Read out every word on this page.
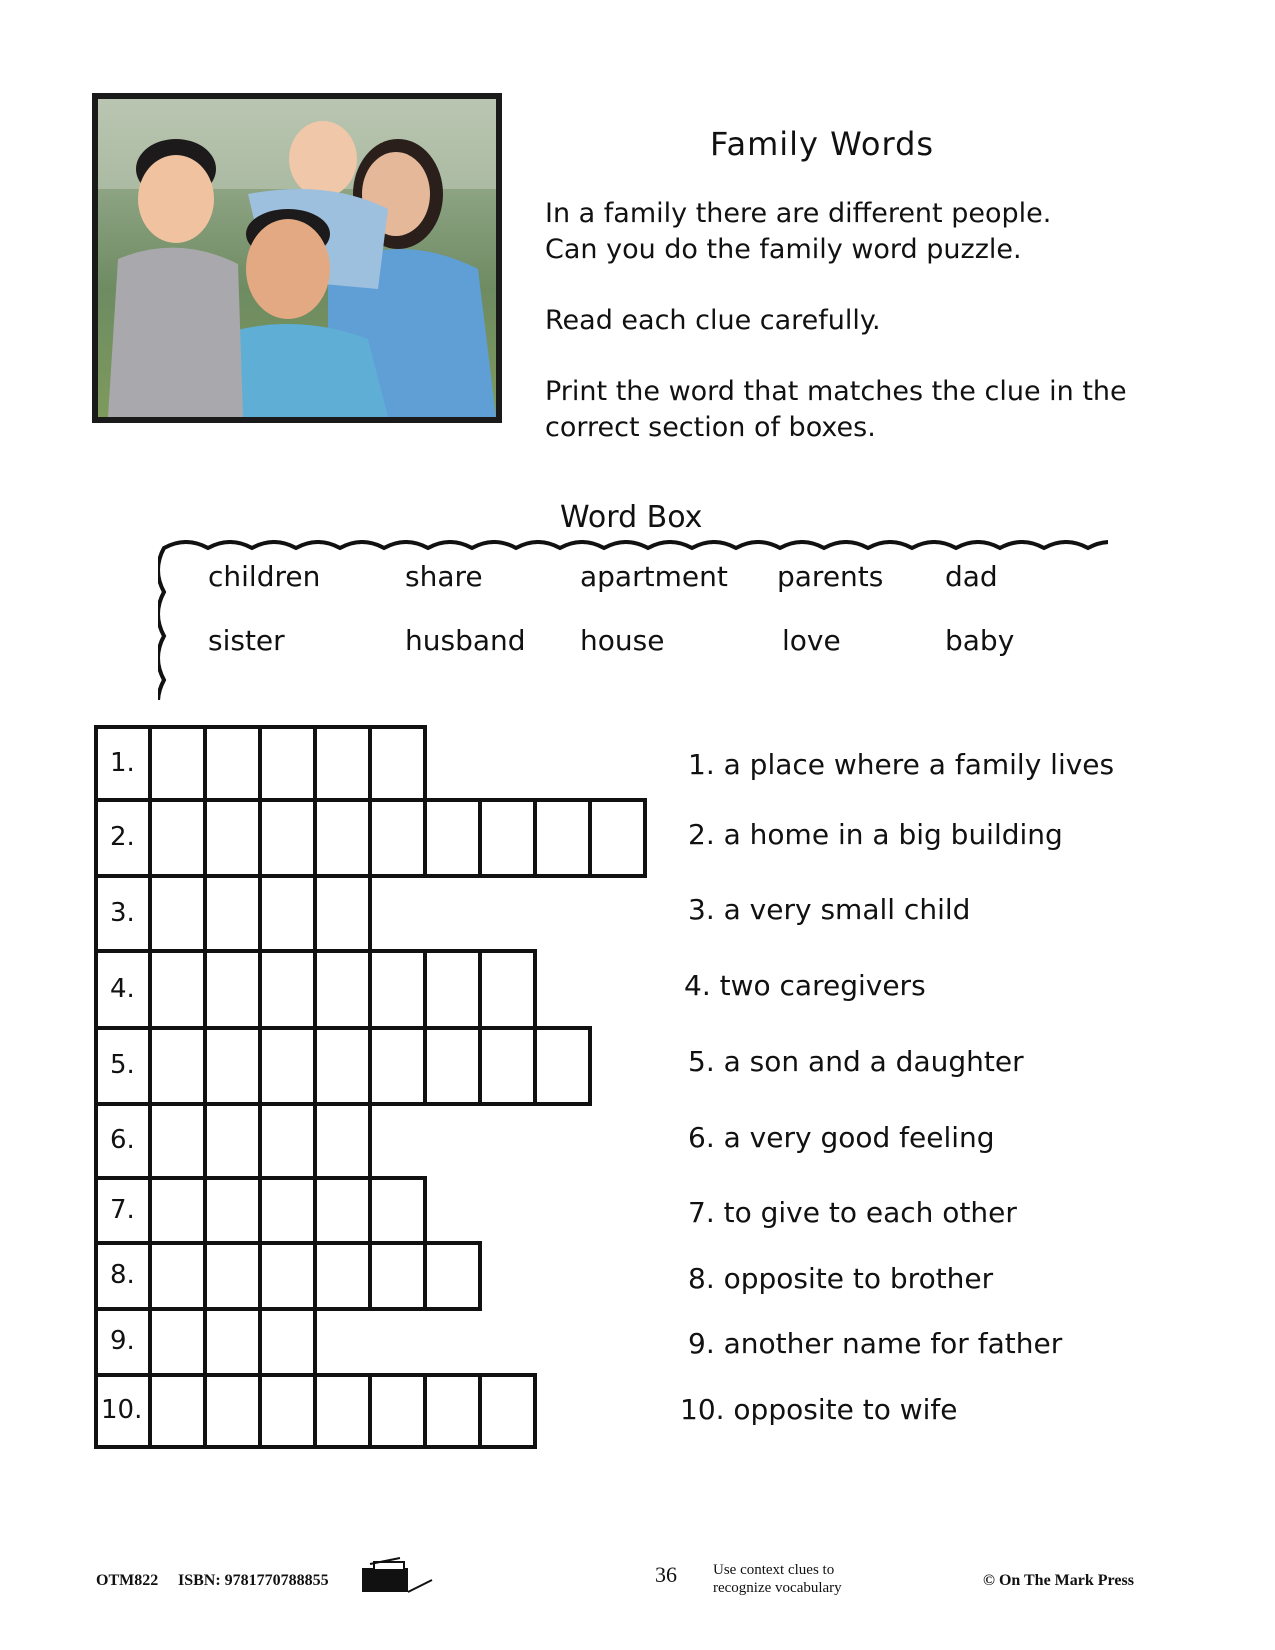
Family Words
In a family there are different people.
Can you do the family word puzzle.
Read each clue carefully.
Print the word that matches the clue in the
correct section of boxes.
Word Box
children	share	apartment parents dad
sister	husband house	love	baby
1.
2.
3.
4.
5.
6.
7.
8.
9.
10.
1. a place where a family lives
2. a home in a big building
3. a very small child
4. two caregivers
5. a son and a daughter
6. a very good feeling
7. to give to each other
8. opposite to brother
9. another name for father
10. opposite to wife
OTM822 ISBN: 9781770788855	36 Use context clues to
recognize vocabulary	© On The Mark Press
